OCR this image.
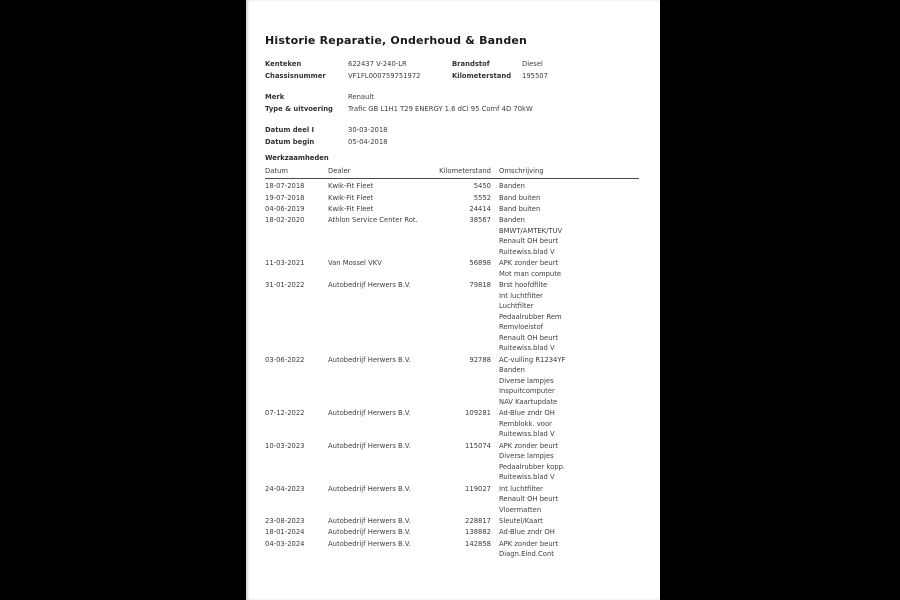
Historie Reparatie, Onderhoud & Banden
Kenteken	622437 V-240-LR	Brandstof	Diesel
Chassisnummer	VF1FL000759751972	Kilometerstand	195507
Merk	Renault
Type & uitvoering	Trafic GB L1H1 T29 ENERGY 1.6 dCi 95 Comf 4D 70kW
Datum deel I	30-03-2018
Datum begin	05-04-2018
Werkzaamheden
Datum	Dealer	Kilometerstand	Omschrijving
18-07-2018	Kwik-Fit Fleet	5450 Banden
19-07-2018	Kwik-Fit Fleet	5552 Band buiten
04-06-2019	Kwik-Fit Fleet	24414 Band buiten
18-02-2020	Athlon Service Center Rot.	38567 Banden
BMWT/AMTEK/TUV
Renault OH beurt
Ruitewiss.blad V
11-03-2021	Van Mossel VKV	56898 APK zonder beurt
Mot man compute
31-01-2022	Autobedrijf Herwers B.V.	79818 Brst hoofdfilte
Int luchtfilter
Luchtfilter
Pedaalrubber Rem
Remvloeistof
Renault OH beurt
Ruitewiss.blad V
03-06-2022	Autobedrijf Herwers B.V.	92788 AC-vulling R1234YF
Banden
Diverse lampjes
Inspuitcomputer
NAV Kaartupdate
07-12-2022	Autobedrijf Herwers B.V.	109281 Ad-Blue zndr OH
Remblokk. voor
Ruitewiss.blad V
10-03-2023	Autobedrijf Herwers B.V.	115074 APK zonder beurt
Diverse lampjes
Pedaalrubber kopp.
Ruitewiss.blad V
24-04-2023	Autobedrijf Herwers B.V.	119027 Int luchtfilter
Renault OH beurt
Vloermatten
23-08-2023	Autobedrijf Herwers B.V.	228817 Sleutel/Kaart
18-01-2024	Autobedrijf Herwers B.V.	138882 Ad-Blue zndr OH
04-03-2024	Autobedrijf Herwers B.V.	142858 APK zonder beurt
Diagn.Eind.Cont
